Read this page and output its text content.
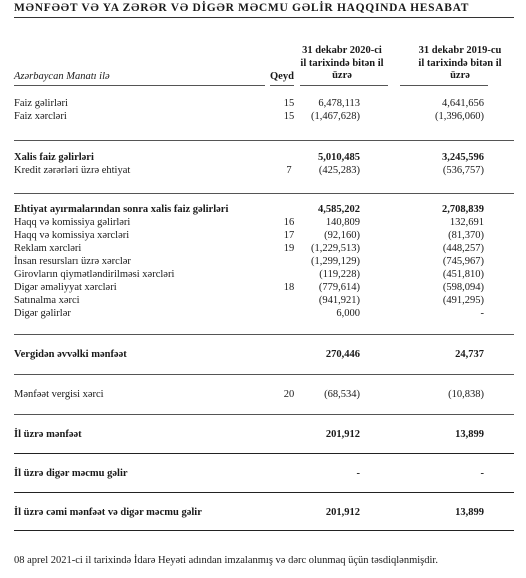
MƏNFƏƏT VƏ YA ZƏRƏR VƏ DİGƏR MƏCMU GƏLİR HAQQINDA HESABAT
31 dekabr 2020-ci
il tarixində bitən il
üzrə
31 dekabr 2019-cu
il tarixində bitən il
üzrə
Qeyd
Azərbaycan Manatı ilə
Faiz gəlirləri	15	6,478,113	4,641,656
Faiz xərcləri	15	(1,467,628)	(1,396,060)
Xalis faiz gəlirləri	5,010,485	3,245,596
Kredit zərərləri üzrə ehtiyat	7	(425,283)	(536,757)
Ehtiyat ayırmalarından sonra xalis faiz gəlirləri	4,585,202	2,708,839
Haqq və komissiya gəlirləri	16	140,809	132,691
Haqq və komissiya xərcləri	17	(92,160)	(81,370)
Reklam xərcləri	19	(1,229,513)	(448,257)
İnsan resursları üzrə xərclər	(1,299,129)	(745,967)
Girovların qiymətləndirilməsi xərcləri	(119,228)	(451,810)
Digər əməliyyat xərcləri	18	(779,614)	(598,094)
Satınalma xərci	(941,921)	(491,295)
Digər gəlirlər	6,000	-
Vergidən əvvəlki mənfəət	270,446	24,737
Mənfəət vergisi xərci	20	(68,534)	(10,838)
İl üzrə mənfəət	201,912	13,899
İl üzrə digər məcmu gəlir	-	-
İl üzrə cəmi mənfəət və digər məcmu gəlir	201,912	13,899
08 aprel 2021-ci il tarixində İdarə Heyəti adından imzalanmış və dərc olunmaq üçün təsdiqlənmişdir.
